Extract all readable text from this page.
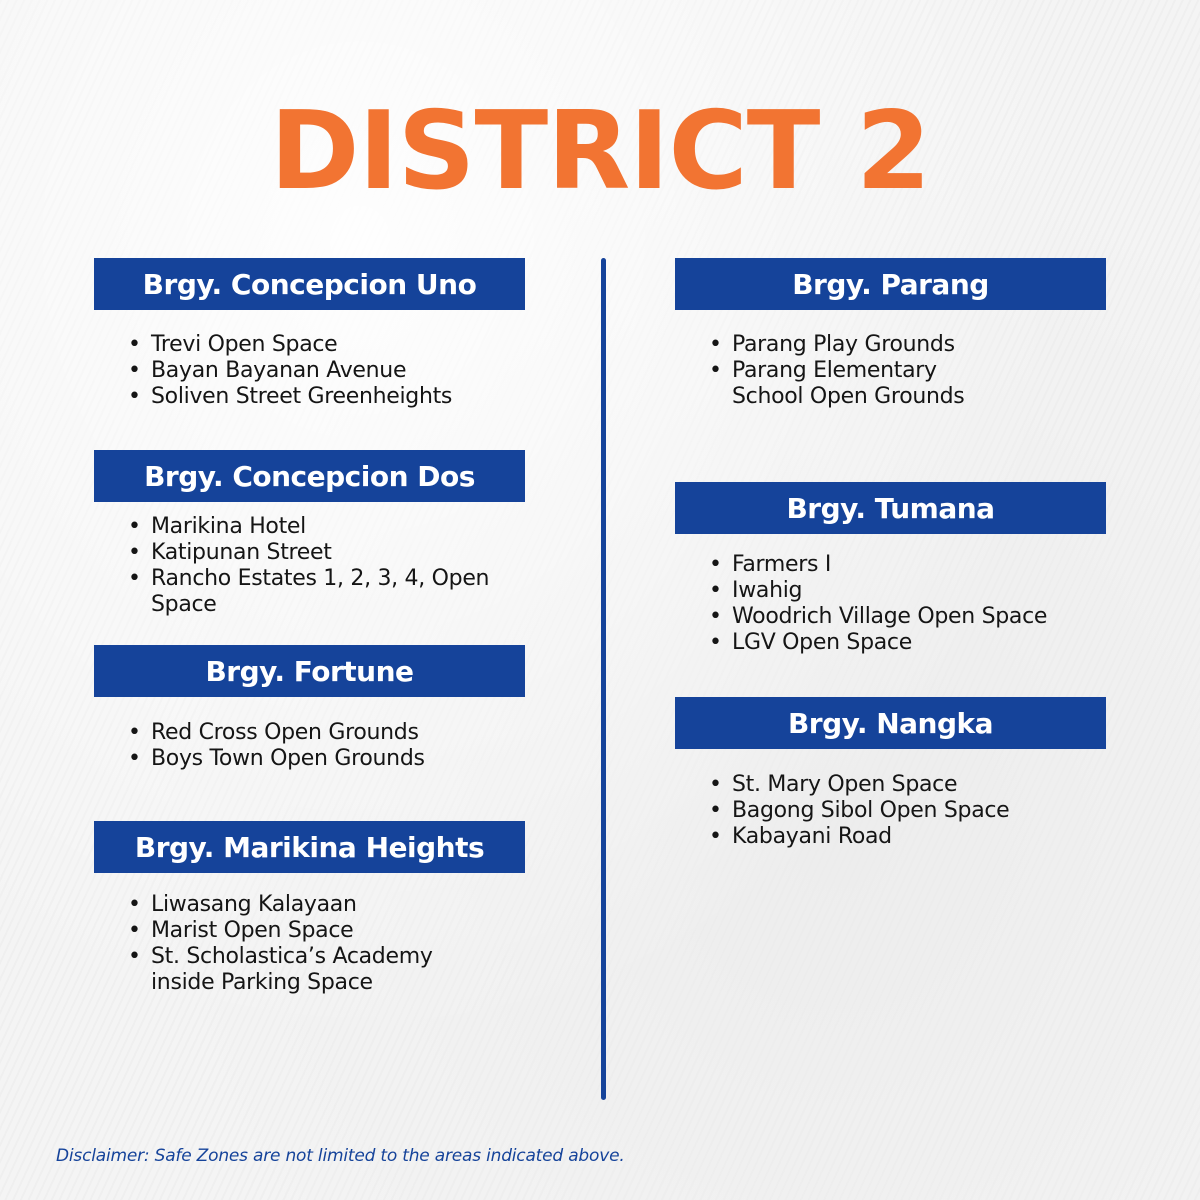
DISTRICT 2
Brgy. Concepcion Uno
• Trevi Open Space
• Bayan Bayanan Avenue
• Soliven Street Greenheights
Brgy. Concepcion Dos
• Marikina Hotel
• Katipunan Street
• Rancho Estates 1, 2, 3, 4, Open Space
Brgy. Fortune
• Red Cross Open Grounds
• Boys Town Open Grounds
Brgy. Marikina Heights
• Liwasang Kalayaan
• Marist Open Space
• St. Scholastica’s Academy inside Parking Space
Brgy. Parang
• Parang Play Grounds
• Parang Elementary School Open Grounds
Brgy. Tumana
• Farmers I
• Iwahig
• Woodrich Village Open Space
• LGV Open Space
Brgy. Nangka
• St. Mary Open Space
• Bagong Sibol Open Space
• Kabayani Road
Disclaimer: Safe Zones are not limited to the areas indicated above.
